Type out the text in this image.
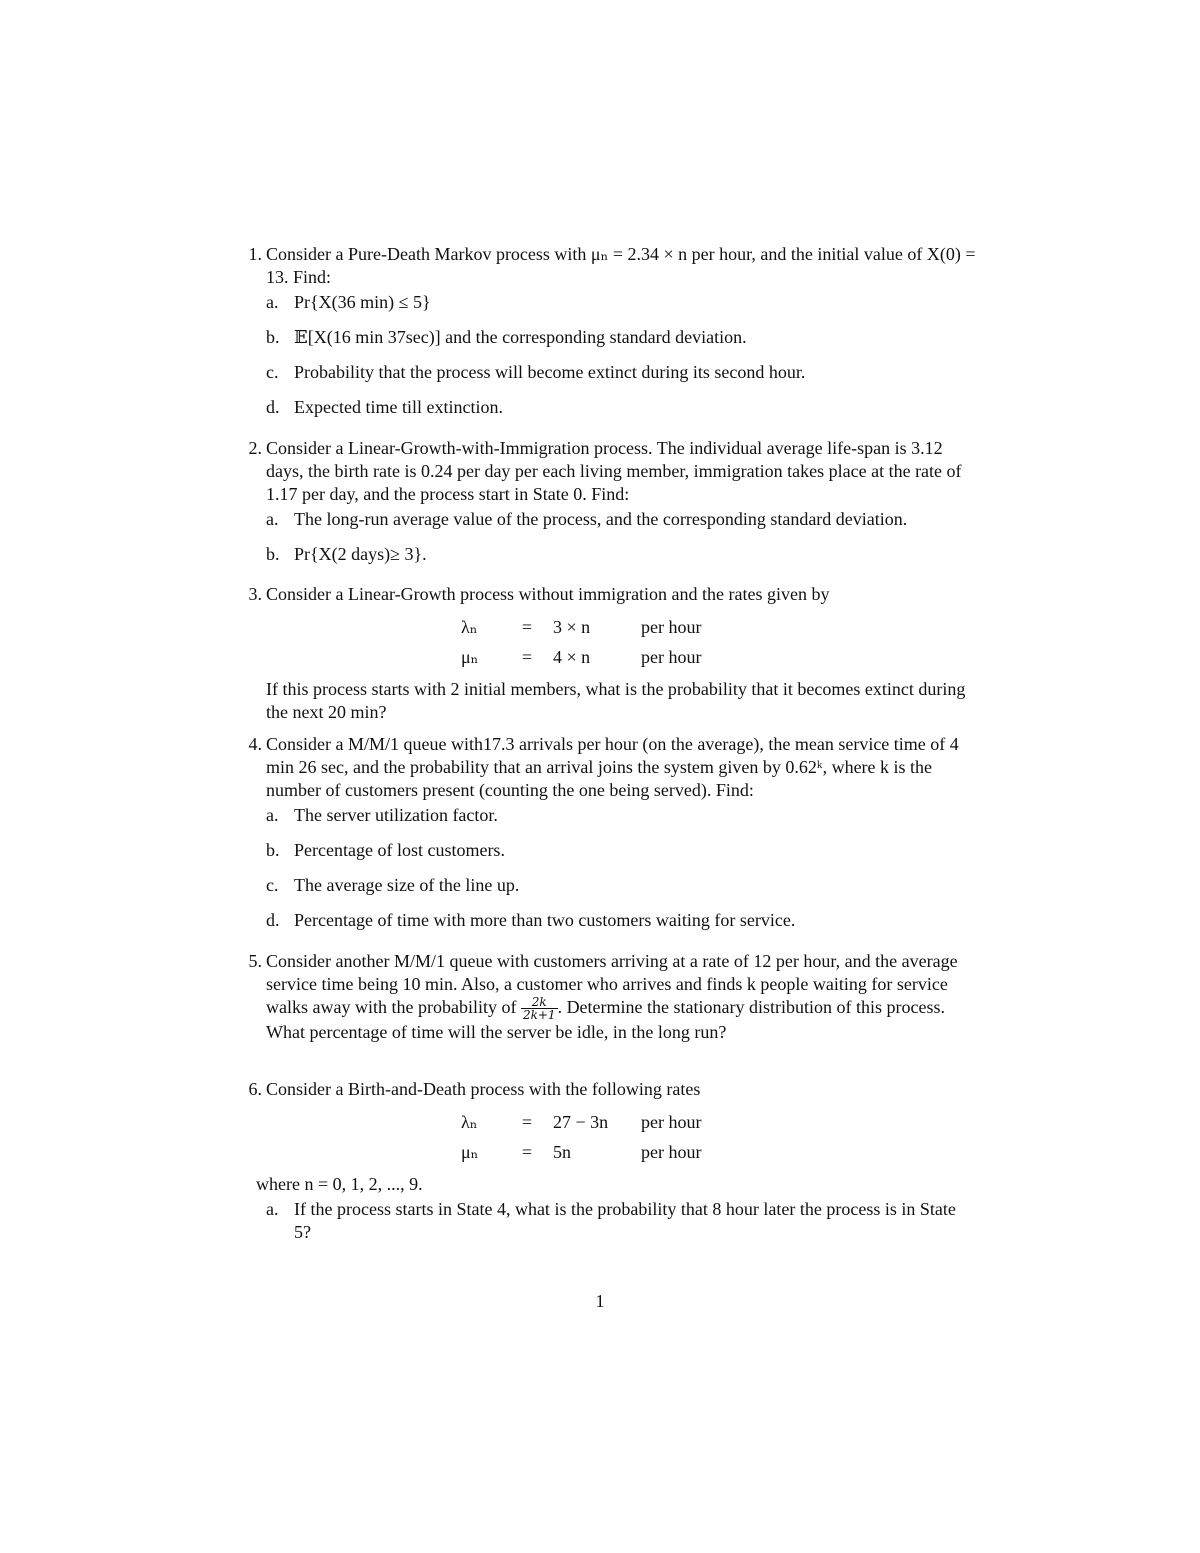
1. Consider a Pure-Death Markov process with μₙ = 2.34 × n per hour, and the initial value of X(0) = 13. Find:
a. Pr{X(36 min) ≤ 5}
b. 𝔼[X(16 min 37sec)] and the corresponding standard deviation.
c. Probability that the process will become extinct during its second hour.
d. Expected time till extinction.
2. Consider a Linear-Growth-with-Immigration process. The individual average life-span is 3.12 days, the birth rate is 0.24 per day per each living member, immigration takes place at the rate of 1.17 per day, and the process start in State 0. Find:
a. The long-run average value of the process, and the corresponding standard deviation.
b. Pr{X(2 days)≥ 3}.
3. Consider a Linear-Growth process without immigration and the rates given by
λₙ	=	3 × n	per hour
μₙ	=	4 × n	per hour
If this process starts with 2 initial members, what is the probability that it becomes extinct during the next 20 min?
4. Consider a M/M/1 queue with17.3 arrivals per hour (on the average), the mean service time of 4 min 26 sec, and the probability that an arrival joins the system given by 0.62ᵏ, where k is the number of customers present (counting the one being served). Find:
a. The server utilization factor.
b. Percentage of lost customers.
c. The average size of the line up.
d. Percentage of time with more than two customers waiting for service.
5. Consider another M/M/1 queue with customers arriving at a rate of 12 per hour, and the average service time being 10 min. Also, a customer who arrives and finds k people waiting for service walks away with the probability of $\frac{2k}{2k+1}$ . Determine the stationary distribution of this process. What percentage of time will the server be idle, in the long run?
6. Consider a Birth-and-Death process with the following rates
λₙ	=	27 − 3n	per hour
μₙ	=	5n	per hour
where n = 0, 1, 2, ..., 9.
a. If the process starts in State 4, what is the probability that 8 hour later the process is in State 5?
1
